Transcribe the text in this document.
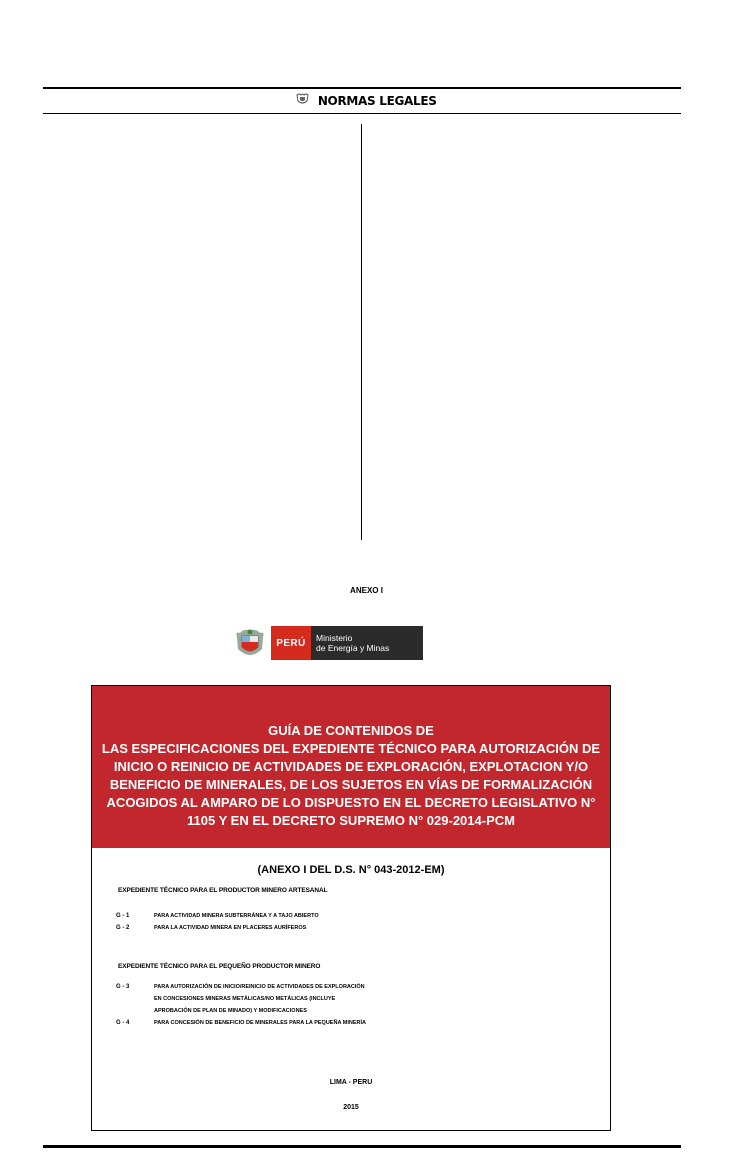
NORMAS LEGALES
ANEXO I
PERÚ	Ministerio
de Energía y Minas
GUÍA DE CONTENIDOS DE
LAS ESPECIFICACIONES DEL EXPEDIENTE TÉCNICO PARA AUTORIZACIÓN DE
INICIO O REINICIO DE ACTIVIDADES DE EXPLORACIÓN, EXPLOTACION Y/O
BENEFICIO DE MINERALES, DE LOS SUJETOS EN VÍAS DE FORMALIZACIÓN
ACOGIDOS AL AMPARO DE LO DISPUESTO EN EL DECRETO LEGISLATIVO N°
1105 Y EN EL DECRETO SUPREMO N° 029-2014-PCM
(ANEXO I DEL D.S. N° 043-2012-EM)
EXPEDIENTE TÉCNICO PARA EL PRODUCTOR MINERO ARTESANAL
G - 1	PARA ACTIVIDAD MINERA SUBTERRÁNEA Y A TAJO ABIERTO
G - 2	PARA LA ACTIVIDAD MINERA EN PLACERES AURÍFEROS
EXPEDIENTE TÉCNICO PARA EL PEQUEÑO PRODUCTOR MINERO
G - 3	PARA AUTORIZACIÓN DE INICIO/REINICIO DE ACTIVIDADES DE EXPLORACIÓN
EN CONCESIONES MINERAS METÁLICAS/NO METÁLICAS (INCLUYE
APROBACIÓN DE PLAN DE MINADO) Y MODIFICACIONES
G - 4	PARA CONCESIÓN DE BENEFICIO DE MINERALES PARA LA PEQUEÑA MINERÍA
LIMA - PERU
2015
